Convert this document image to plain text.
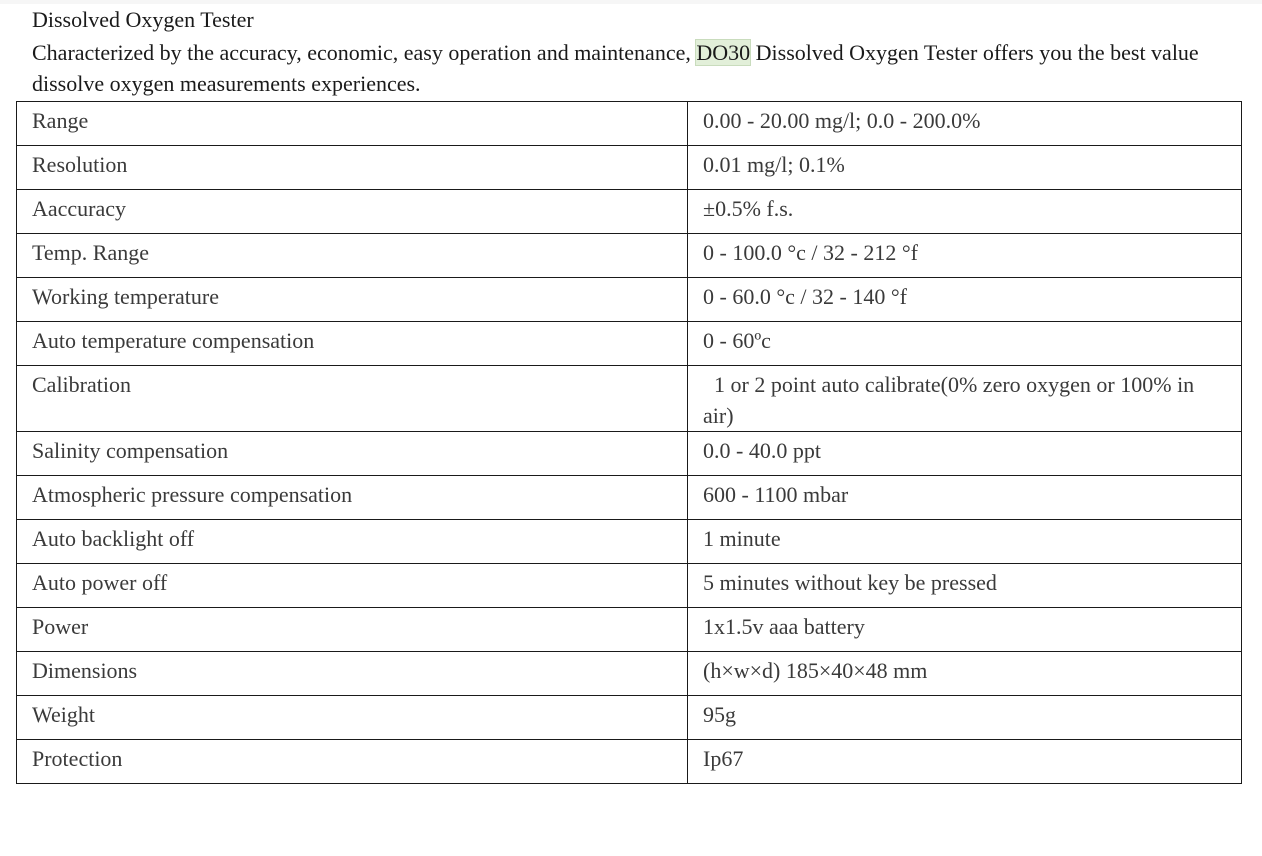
Dissolved Oxygen Tester

Characterized by the accuracy, economic, easy operation and maintenance, DO30 Dissolved Oxygen Tester offers you the best value dissolve oxygen measurements experiences.

Range	0.00 - 20.00 mg/l; 0.0 - 200.0%
Resolution	0.01 mg/l; 0.1%
Aaccuracy	±0.5% f.s.
Temp. Range	0 - 100.0 °c / 32 - 212 °f
Working temperature	0 - 60.0 °c / 32 - 140 °f
Auto temperature compensation	0 - 60ºc
Calibration	1 or 2 point auto calibrate(0% zero oxygen or 100% in air)
Salinity compensation	0.0 - 40.0 ppt
Atmospheric pressure compensation	600 - 1100 mbar
Auto backlight off	1 minute
Auto power off	5 minutes without key be pressed
Power	1x1.5v aaa battery
Dimensions	(h×w×d) 185×40×48 mm
Weight	95g
Protection	Ip67
